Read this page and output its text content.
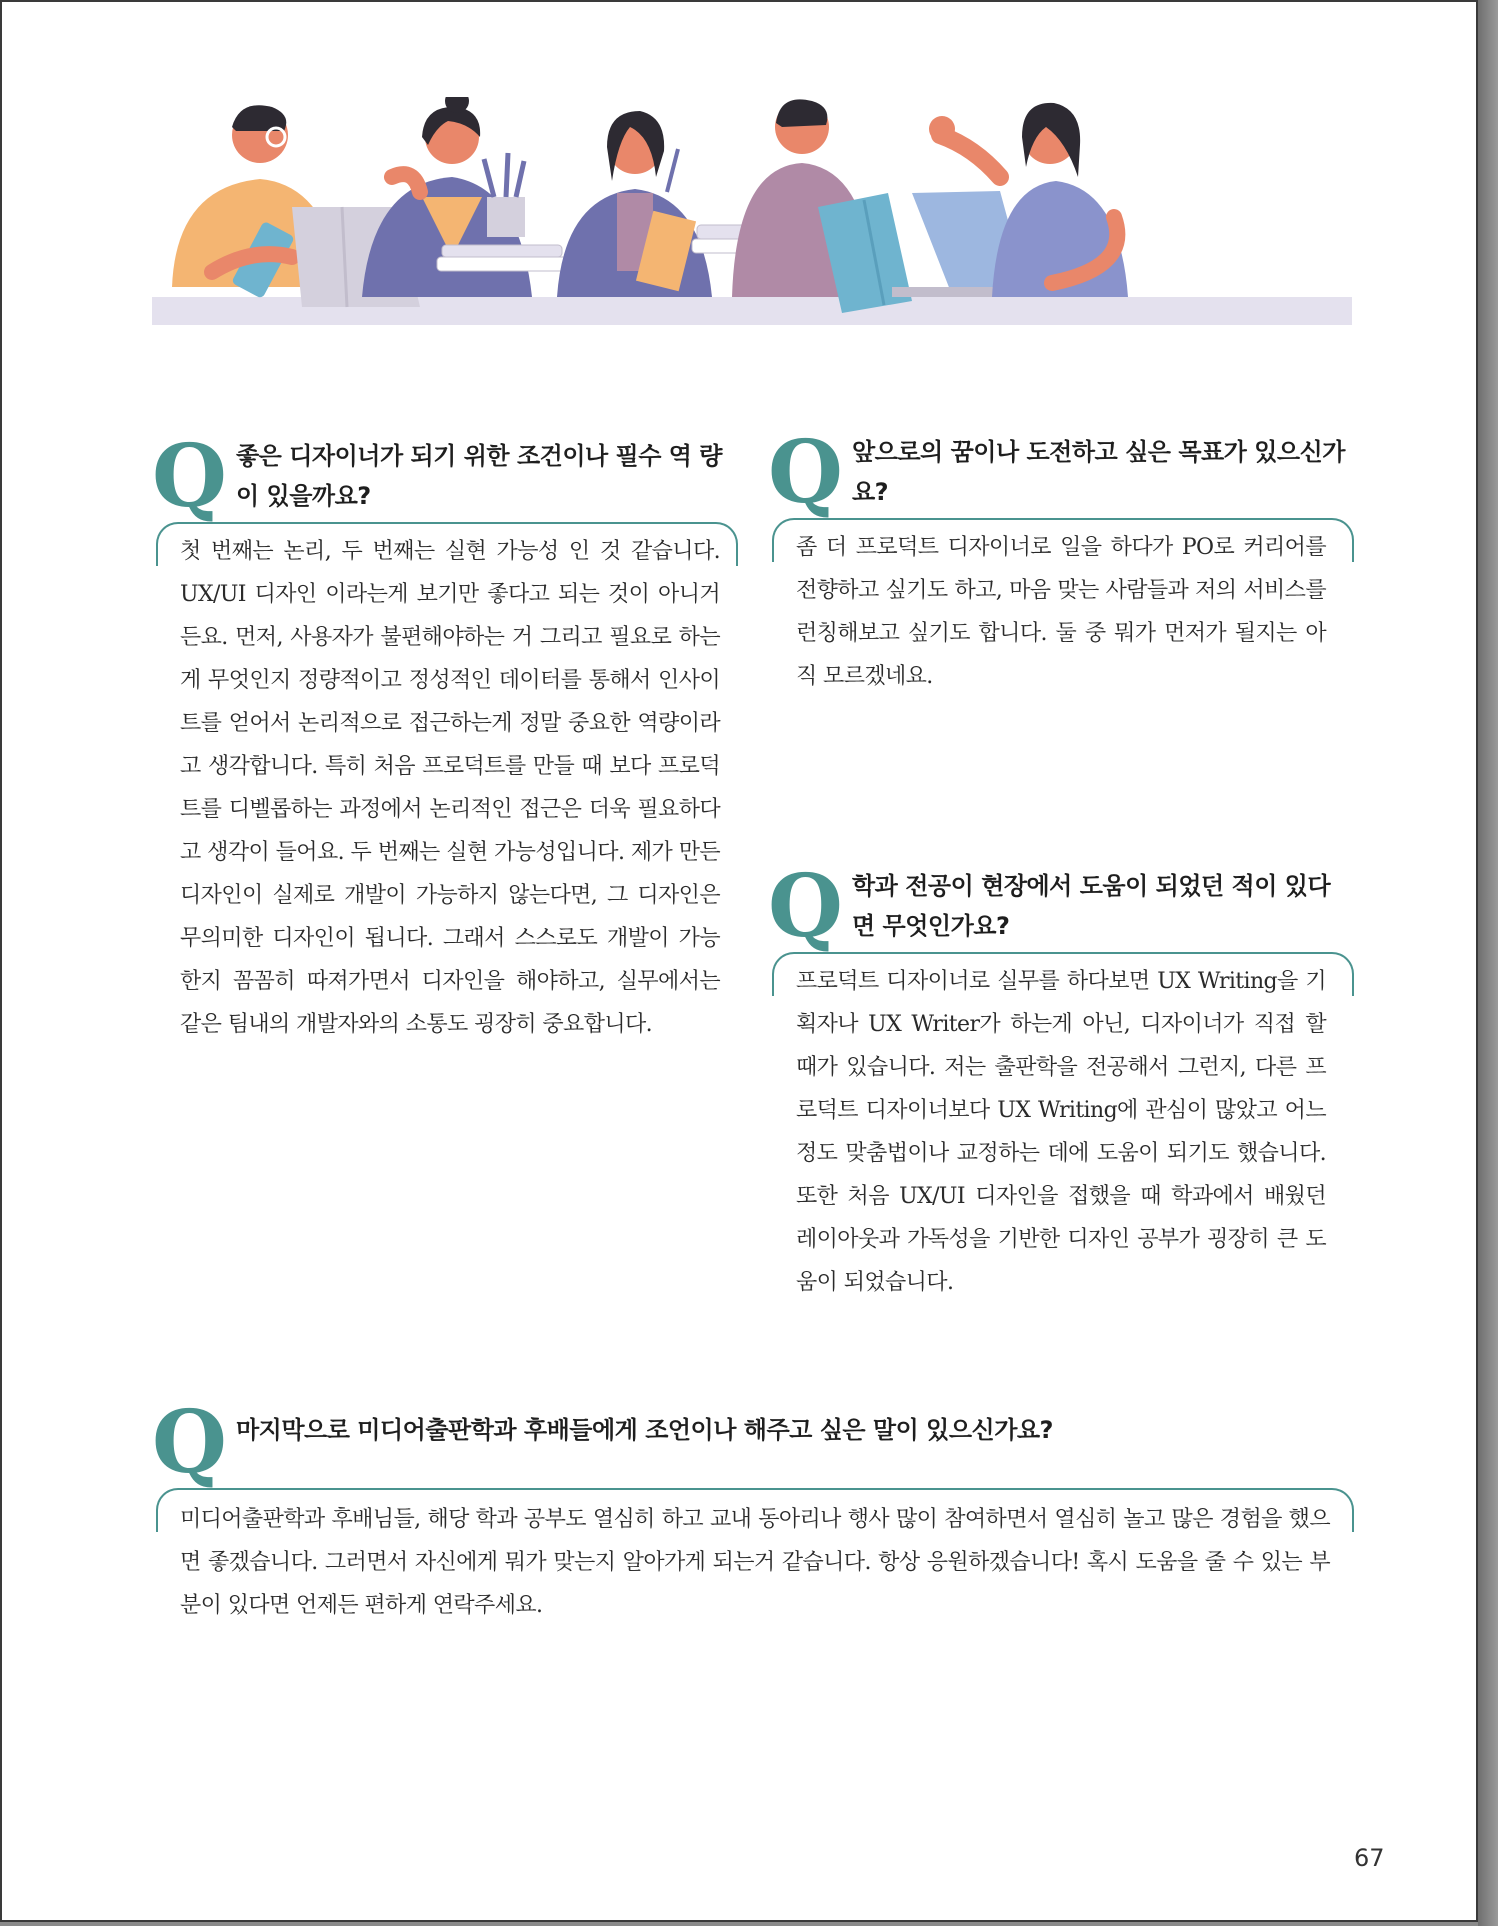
Q 좋은 디자이너가 되기 위한 조건이나 필수 역 량이 있을까요?
첫 번째는 논리, 두 번째는 실현 가능성 인 것 같습니다. UX/UI 디자인 이라는게 보기만 좋다고 되는 것이 아니거든요. 먼저, 사용자가 불편해야하는 거 그리고 필요로 하는게 무엇인지 정량적이고 정성적인 데이터를 통해서 인사이트를 얻어서 논리적으로 접근하는게 정말 중요한 역량이라고 생각합니다. 특히 처음 프로덕트를 만들 때 보다 프로덕트를 디벨롭하는 과정에서 논리적인 접근은 더욱 필요하다고 생각이 들어요. 두 번째는 실현 가능성입니다. 제가 만든 디자인이 실제로 개발이 가능하지 않는다면, 그 디자인은 무의미한 디자인이 됩니다. 그래서 스스로도 개발이 가능한지 꼼꼼히 따져가면서 디자인을 해야하고, 실무에서는 같은 팀내의 개발자와의 소통도 굉장히 중요합니다.
Q 앞으로의 꿈이나 도전하고 싶은 목표가 있으신가요?
좀 더 프로덕트 디자이너로 일을 하다가 PO로 커리어를 전향하고 싶기도 하고, 마음 맞는 사람들과 저의 서비스를 런칭해보고 싶기도 합니다. 둘 중 뭐가 먼저가 될지는 아직 모르겠네요.
Q 학과 전공이 현장에서 도움이 되었던 적이 있다면 무엇인가요?
프로덕트 디자이너로 실무를 하다보면 UX Writing을 기획자나 UX Writer가 하는게 아닌, 디자이너가 직접 할 때가 있습니다. 저는 출판학을 전공해서 그런지, 다른 프로덕트 디자이너보다 UX Writing에 관심이 많았고 어느정도 맞춤법이나 교정하는 데에 도움이 되기도 했습니다. 또한 처음 UX/UI 디자인을 접했을 때 학과에서 배웠던 레이아웃과 가독성을 기반한 디자인 공부가 굉장히 큰 도움이 되었습니다.
Q 마지막으로 미디어출판학과 후배들에게 조언이나 해주고 싶은 말이 있으신가요?
미디어출판학과 후배님들, 해당 학과 공부도 열심히 하고 교내 동아리나 행사 많이 참여하면서 열심히 놀고 많은 경험을 했으면 좋겠습니다. 그러면서 자신에게 뭐가 맞는지 알아가게 되는거 같습니다. 항상 응원하겠습니다! 혹시 도움을 줄 수 있는 부분이 있다면 언제든 편하게 연락주세요.
67
